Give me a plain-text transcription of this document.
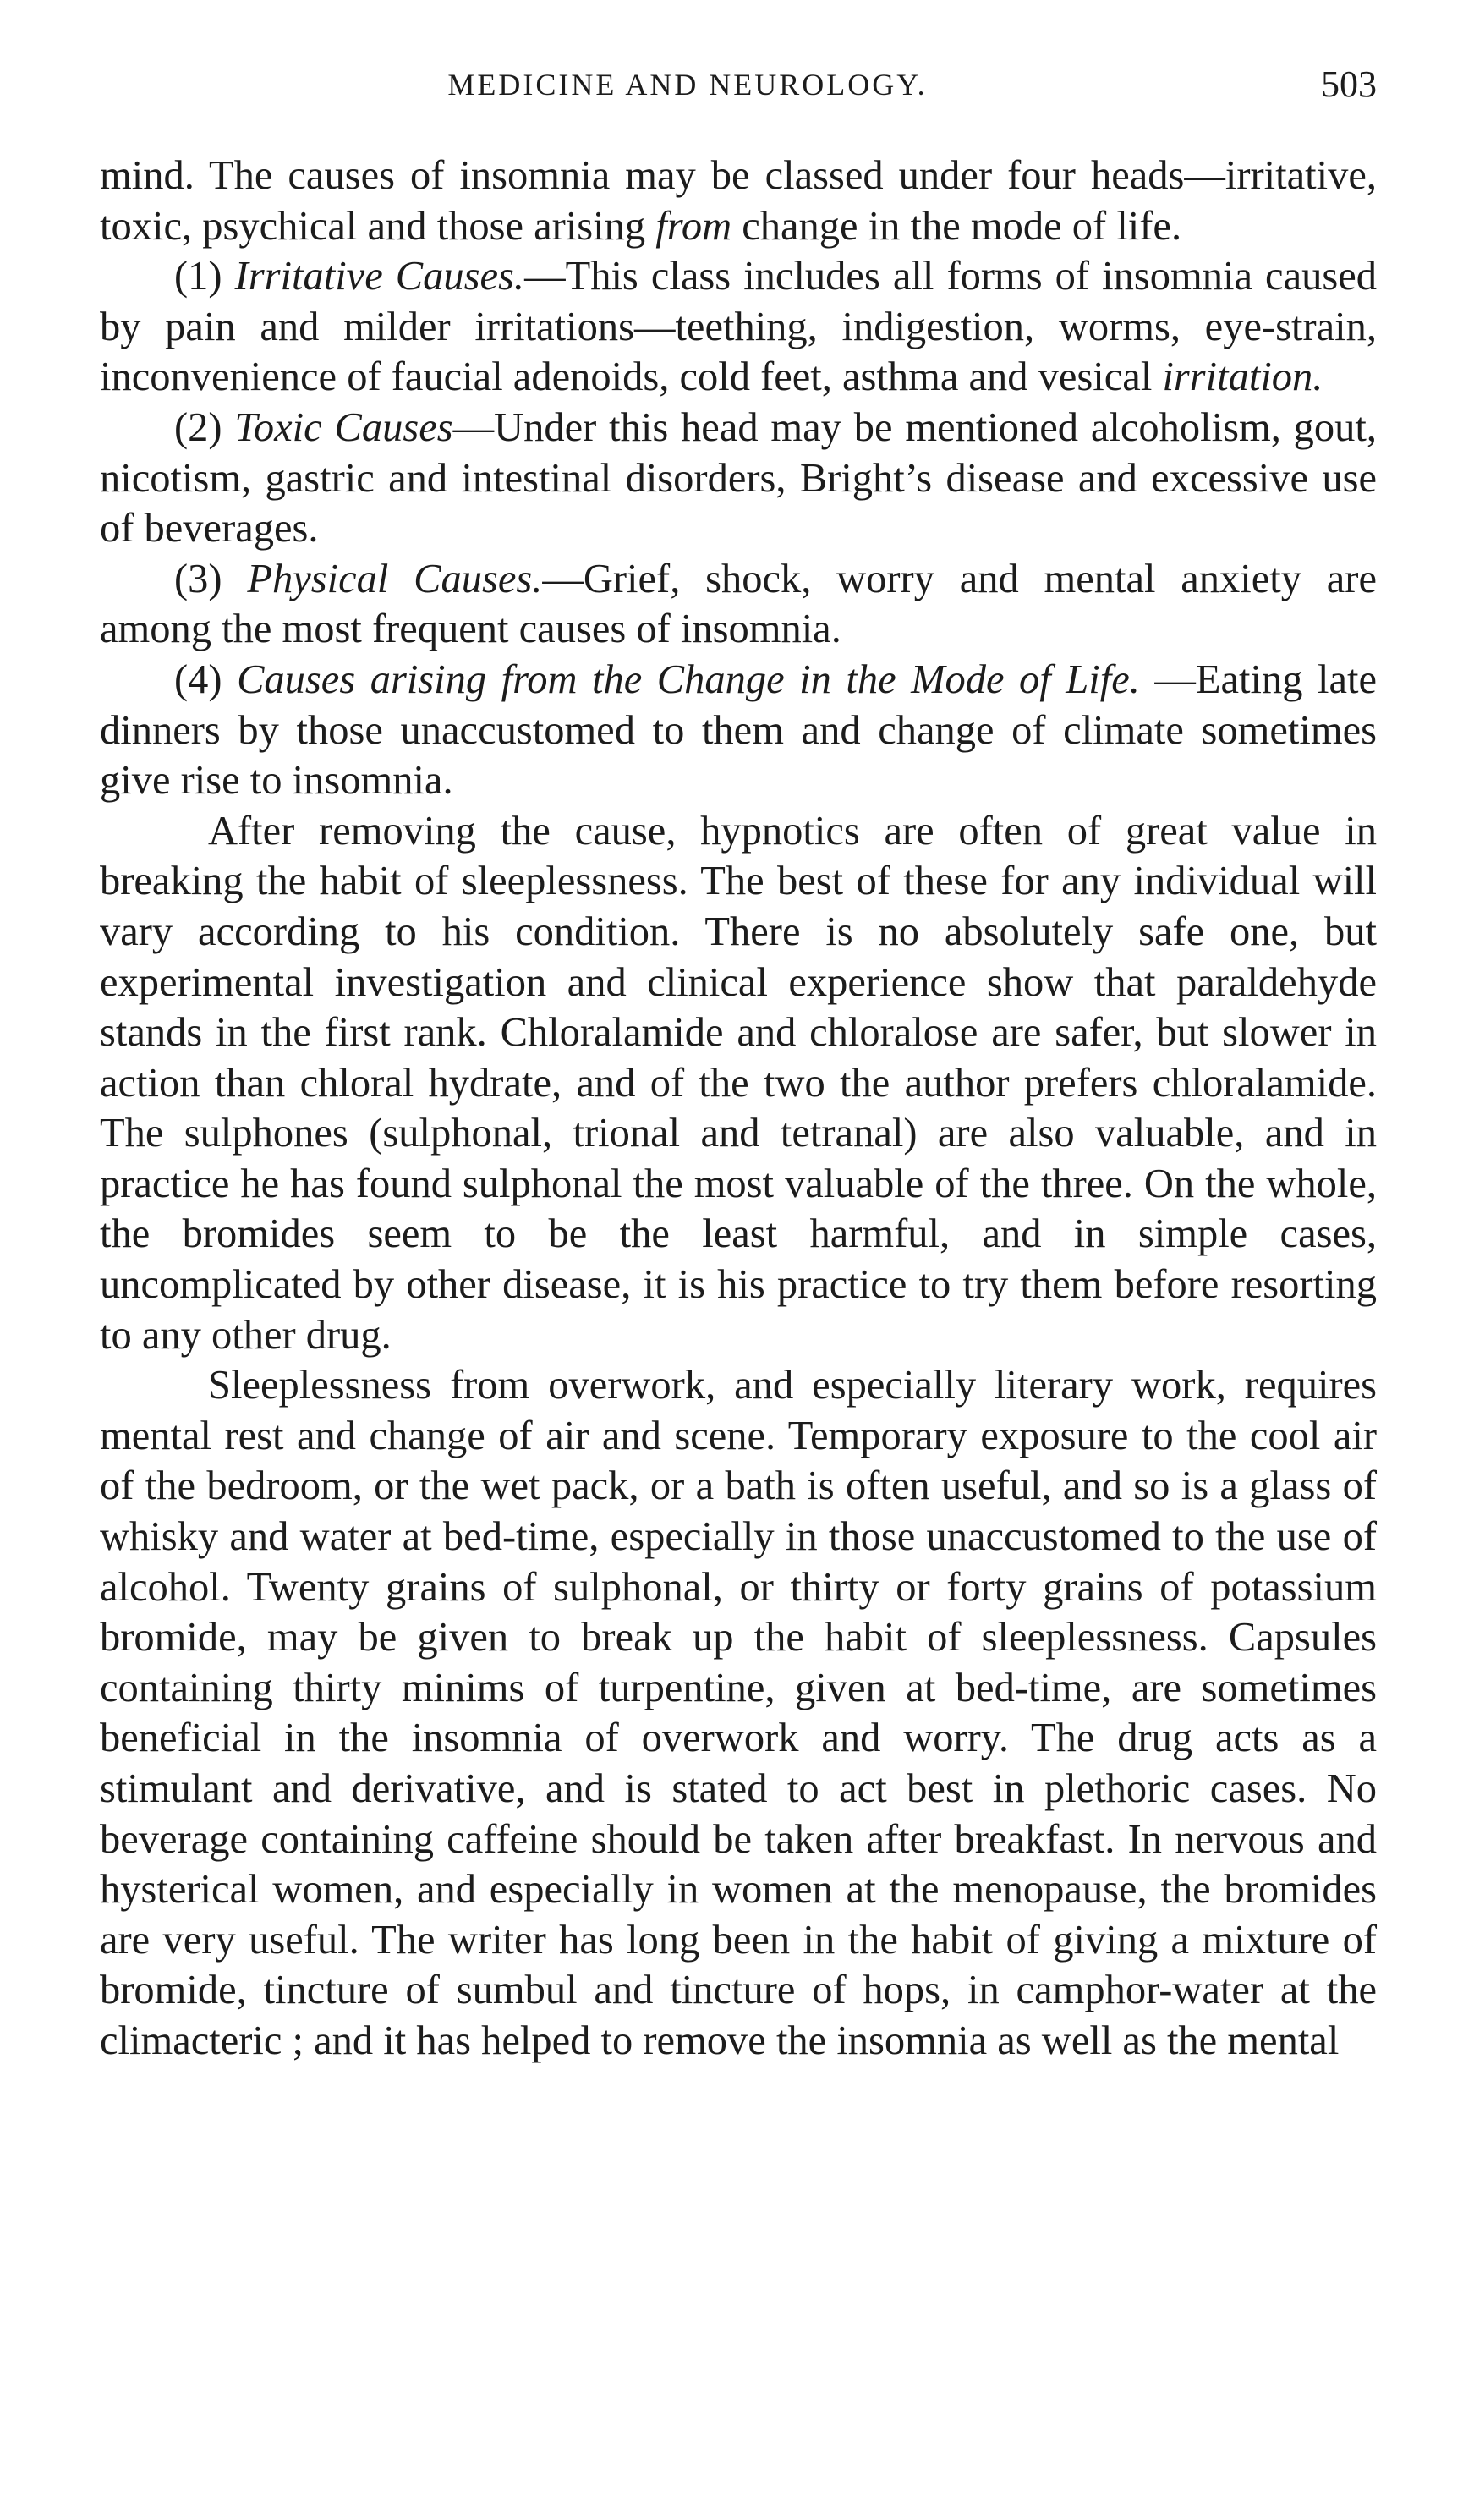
MEDICINE AND NEUROLOGY.	503

mind. The causes of insomnia may be classed under four heads—irritative, toxic, psychical and those arising from change in the mode of life.

(1) Irritative Causes.—This class includes all forms of insomnia caused by pain and milder irritations—teething, indigestion, worms, eye-strain, inconvenience of faucial adenoids, cold feet, asthma and vesical irritation.

(2) Toxic Causes—Under this head may be mentioned alcoholism, gout, nicotism, gastric and intestinal disorders, Bright’s disease and excessive use of beverages.

(3) Physical Causes.—Grief, shock, worry and mental anxiety are among the most frequent causes of insomnia.

(4) Causes arising from the Change in the Mode of Life. —Eating late dinners by those unaccustomed to them and change of climate sometimes give rise to insomnia.

After removing the cause, hypnotics are often of great value in breaking the habit of sleeplessness. The best of these for any individual will vary according to his condition. There is no absolutely safe one, but experimental investigation and clinical experience show that paraldehyde stands in the first rank. Chloralamide and chloralose are safer, but slower in action than chloral hydrate, and of the two the author prefers chloralamide. The sulphones (sulphonal, trional and tetranal) are also valuable, and in practice he has found sulphonal the most valuable of the three. On the whole, the bromides seem to be the least harmful, and in simple cases, uncomplicated by other disease, it is his practice to try them before resorting to any other drug.

Sleeplessness from overwork, and especially literary work, requires mental rest and change of air and scene. Temporary exposure to the cool air of the bedroom, or the wet pack, or a bath is often useful, and so is a glass of whisky and water at bed-time, especially in those unaccustomed to the use of alcohol. Twenty grains of sulphonal, or thirty or forty grains of potassium bromide, may be given to break up the habit of sleeplessness. Capsules containing thirty minims of turpentine, given at bed-time, are sometimes beneficial in the insomnia of overwork and worry. The drug acts as a stimulant and derivative, and is stated to act best in plethoric cases. No beverage containing caffeine should be taken after breakfast. In nervous and hysterical women, and especially in women at the menopause, the bromides are very useful. The writer has long been in the habit of giving a mixture of bromide, tincture of sumbul and tincture of hops, in camphor-water at the climacteric ; and it has helped to remove the insomnia as well as the mental
